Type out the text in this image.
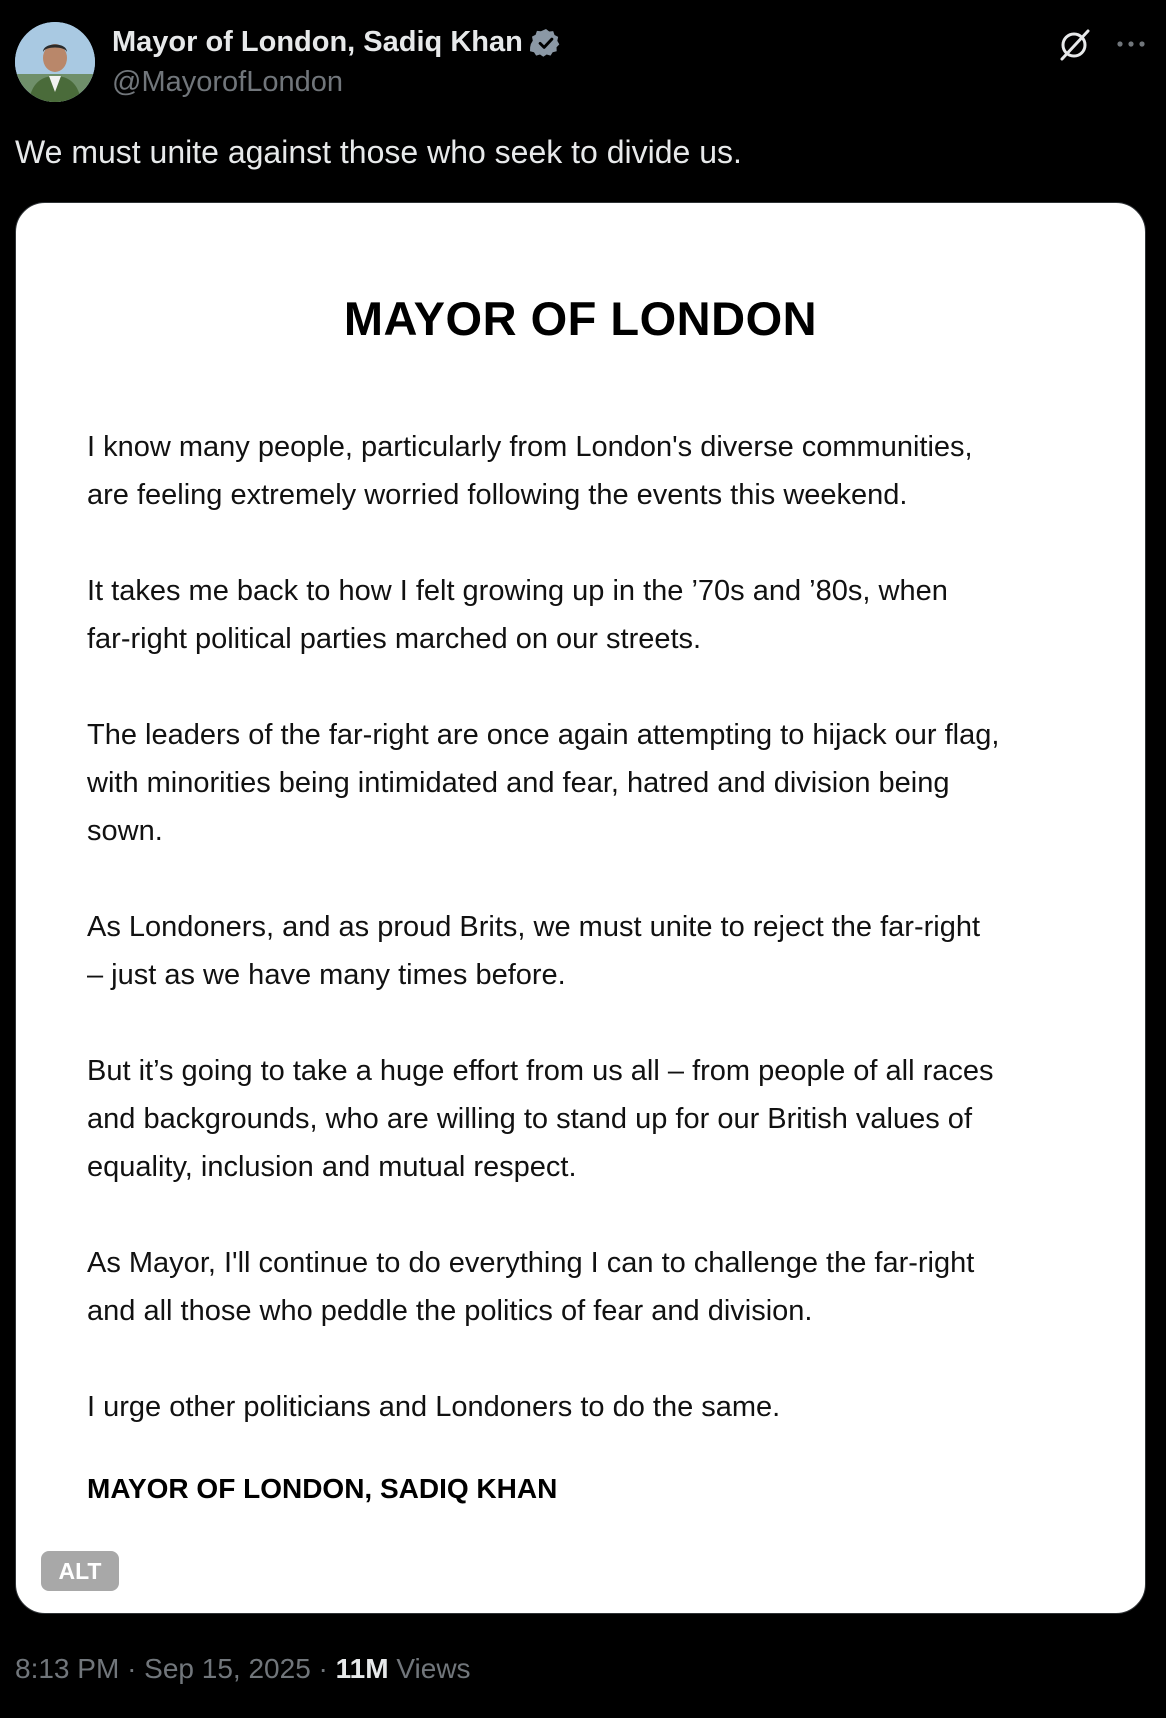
Mayor of London, Sadiq Khan
@MayorofLondon
We must unite against those who seek to divide us.
MAYOR OF LONDON

I know many people, particularly from London's diverse communities,
are feeling extremely worried following the events this weekend.

It takes me back to how I felt growing up in the ’70s and ’80s, when
far-right political parties marched on our streets.

The leaders of the far-right are once again attempting to hijack our flag,
with minorities being intimidated and fear, hatred and division being
sown.

As Londoners, and as proud Brits, we must unite to reject the far-right
– just as we have many times before.

But it’s going to take a huge effort from us all – from people of all races
and backgrounds, who are willing to stand up for our British values of
equality, inclusion and mutual respect.

As Mayor, I'll continue to do everything I can to challenge the far-right
and all those who peddle the politics of fear and division.

I urge other politicians and Londoners to do the same.

MAYOR OF LONDON, SADIQ KHAN
ALT
8:13 PM · Sep 15, 2025 · 11M Views
